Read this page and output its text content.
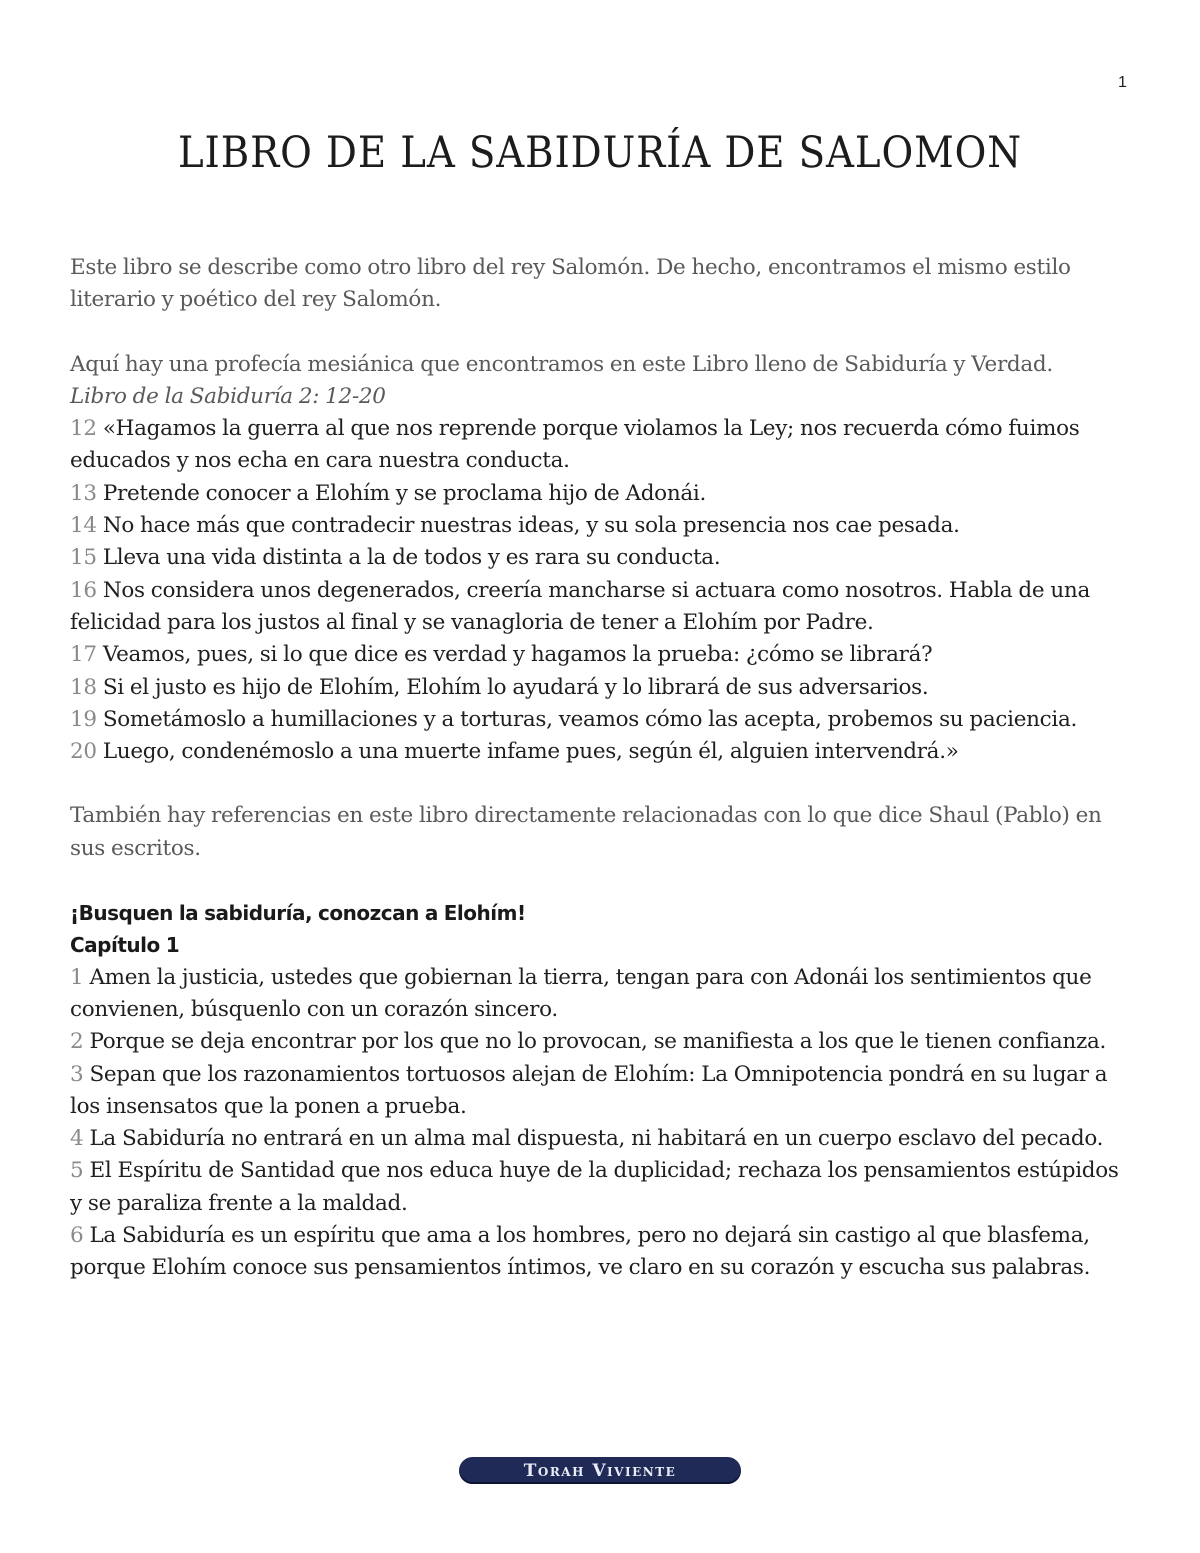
1
LIBRO DE LA SABIDURÍA DE SALOMON

Este libro se describe como otro libro del rey Salomón. De hecho, encontramos el mismo estilo literario y poético del rey Salomón.

Aquí hay una profecía mesiánica que encontramos en este Libro lleno de Sabiduría y Verdad.

Libro de la Sabiduría 2: 12-20

12 «Hagamos la guerra al que nos reprende porque violamos la Ley; nos recuerda cómo fuimos educados y nos echa en cara nuestra conducta.

13 Pretende conocer a Elohím y se proclama hijo de Adonái.

14 No hace más que contradecir nuestras ideas, y su sola presencia nos cae pesada.

15 Lleva una vida distinta a la de todos y es rara su conducta.

16 Nos considera unos degenerados, creería mancharse si actuara como nosotros. Habla de una felicidad para los justos al final y se vanagloria de tener a Elohím por Padre.

17 Veamos, pues, si lo que dice es verdad y hagamos la prueba: ¿cómo se librará?

18 Si el justo es hijo de Elohím, Elohím lo ayudará y lo librará de sus adversarios.

19 Sometámoslo a humillaciones y a torturas, veamos cómo las acepta, probemos su paciencia.

20 Luego, condenémoslo a una muerte infame pues, según él, alguien intervendrá.»

También hay referencias en este libro directamente relacionadas con lo que dice Shaul (Pablo) en sus escritos.

¡Busquen la sabiduría, conozcan a Elohím!

Capítulo 1

1 Amen la justicia, ustedes que gobiernan la tierra, tengan para con Adonái los sentimientos que convienen, búsquenlo con un corazón sincero.

2 Porque se deja encontrar por los que no lo provocan, se manifiesta a los que le tienen confianza.

3 Sepan que los razonamientos tortuosos alejan de Elohím: La Omnipotencia pondrá en su lugar a los insensatos que la ponen a prueba.

4 La Sabiduría no entrará en un alma mal dispuesta, ni habitará en un cuerpo esclavo del pecado.

5 El Espíritu de Santidad que nos educa huye de la duplicidad; rechaza los pensamientos estúpidos y se paraliza frente a la maldad.

6 La Sabiduría es un espíritu que ama a los hombres, pero no dejará sin castigo al que blasfema, porque Elohím conoce sus pensamientos íntimos, ve claro en su corazón y escucha sus palabras.

Torah Viviente
